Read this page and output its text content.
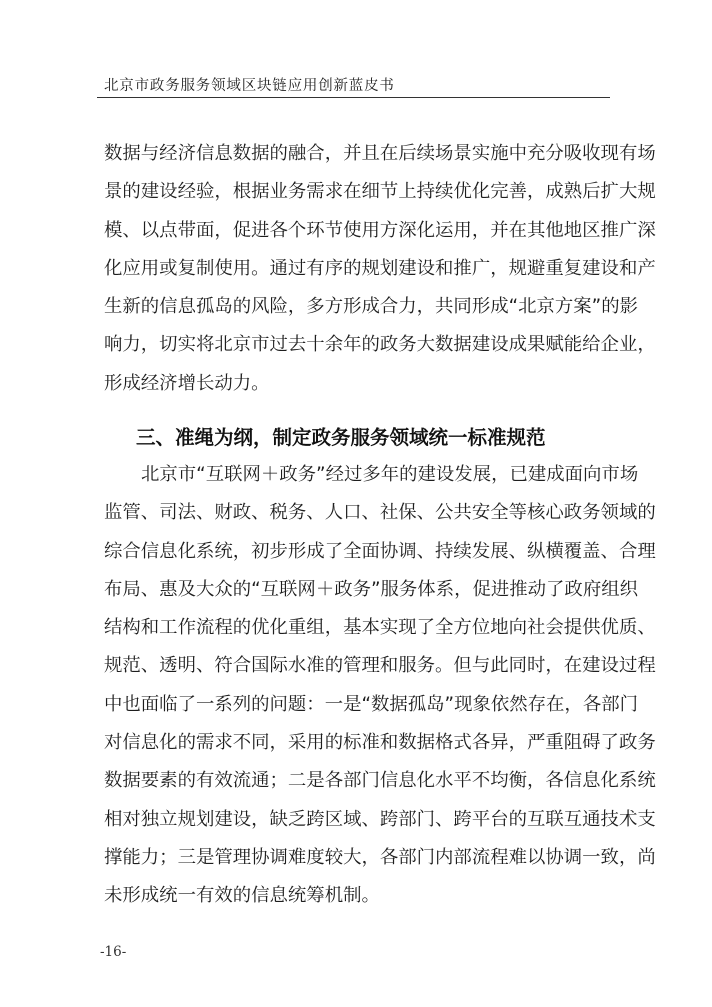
北京市政务服务领域区块链应用创新蓝皮书
数据与经济信息数据的融合，并且在后续场景实施中充分吸收现有场
景的建设经验，根据业务需求在细节上持续优化完善，成熟后扩大规
模、以点带面，促进各个环节使用方深化运用，并在其他地区推广深
化应用或复制使用。通过有序的规划建设和推广，规避重复建设和产
生新的信息孤岛的风险，多方形成合力，共同形成“北京方案”的影
响力，切实将北京市过去十余年的政务大数据建设成果赋能给企业，
形成经济增长动力。
三、准绳为纲，制定政务服务领域统一标准规范
北京市“互联网＋政务”经过多年的建设发展，已建成面向市场
监管、司法、财政、税务、人口、社保、公共安全等核心政务领域的
综合信息化系统，初步形成了全面协调、持续发展、纵横覆盖、合理
布局、惠及大众的“互联网＋政务”服务体系，促进推动了政府组织
结构和工作流程的优化重组，基本实现了全方位地向社会提供优质、
规范、透明、符合国际水准的管理和服务。但与此同时，在建设过程
中也面临了一系列的问题：一是“数据孤岛”现象依然存在，各部门
对信息化的需求不同，采用的标准和数据格式各异，严重阻碍了政务
数据要素的有效流通；二是各部门信息化水平不均衡，各信息化系统
相对独立规划建设，缺乏跨区域、跨部门、跨平台的互联互通技术支
撑能力；三是管理协调难度较大，各部门内部流程难以协调一致，尚
未形成统一有效的信息统筹机制。
-16-
